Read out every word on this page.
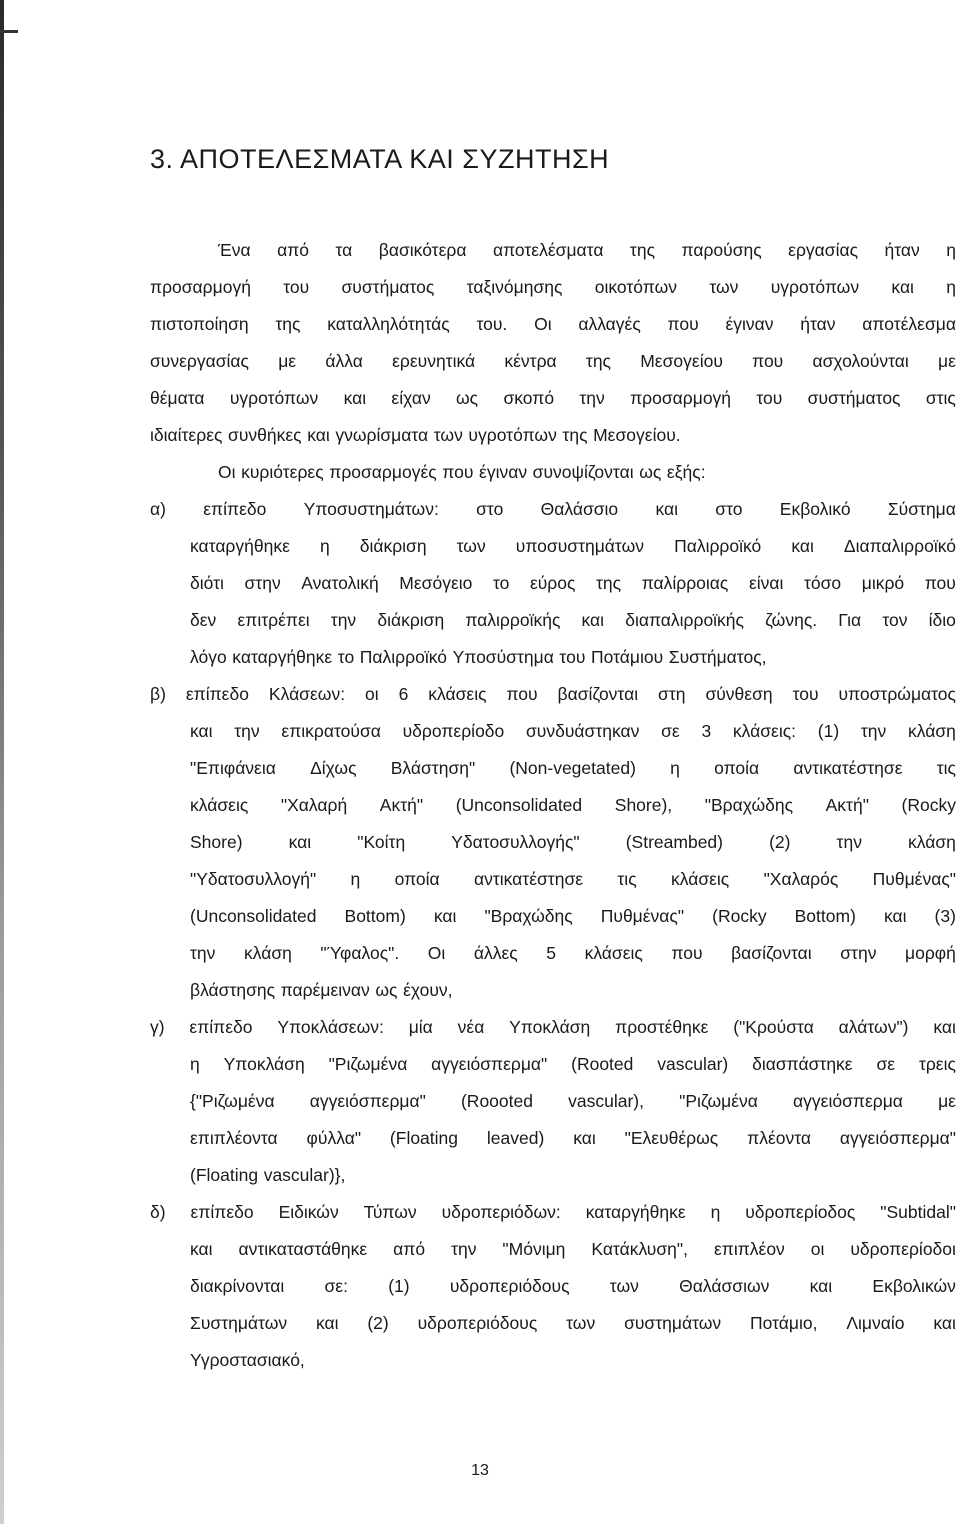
3. ΑΠΟΤΕΛΕΣΜΑΤΑ ΚΑΙ ΣΥΖΗΤΗΣΗ
Ένα από τα βασικότερα αποτελέσματα της παρούσης εργασίας ήταν η
προσαρμογή του συστήματος ταξινόμησης οικοτόπων των υγροτόπων και η
πιστοποίηση της καταλληλότητάς του. Οι αλλαγές που έγιναν ήταν αποτέλεσμα
συνεργασίας με άλλα ερευνητικά κέντρα της Μεσογείου που ασχολούνται με
θέματα υγροτόπων και είχαν ως σκοπό την προσαρμογή του συστήματος στις
ιδιαίτερες συνθήκες και γνωρίσματα των υγροτόπων της Μεσογείου.
Οι κυριότερες προσαρμογές που έγιναν συνοψίζονται ως εξής:
α) επίπεδο Υποσυστημάτων: στο Θαλάσσιο και στο Εκβολικό Σύστημα
καταργήθηκε η διάκριση των υποσυστημάτων Παλιρροϊκό και Διαπαλιρροϊκό
διότι στην Ανατολική Μεσόγειο το εύρος της παλίρροιας είναι τόσο μικρό που
δεν επιτρέπει την διάκριση παλιρροϊκής και διαπαλιρροϊκής ζώνης. Για τον ίδιο
λόγο καταργήθηκε το Παλιρροϊκό Υποσύστημα του Ποτάμιου Συστήματος,
β) επίπεδο Κλάσεων: οι 6 κλάσεις που βασίζονται στη σύνθεση του υποστρώματος
και την επικρατούσα υδροπερίοδο συνδυάστηκαν σε 3 κλάσεις: (1) την κλάση
"Επιφάνεια Δίχως Βλάστηση" (Non-vegetated) η οποία αντικατέστησε τις
κλάσεις "Χαλαρή Ακτή" (Unconsolidated Shore), "Βραχώδης Ακτή" (Rocky
Shore)	και	"Κοίτη	Υδατοσυλλογής"	(Streambed)	(2)	την	κλάση
"Υδατοσυλλογή" η οποία αντικατέστησε τις κλάσεις "Χαλαρός Πυθμένας"
(Unconsolidated Bottom) και "Βραχώδης Πυθμένας" (Rocky Bottom) και (3)
την κλάση "Ύφαλος". Οι άλλες 5 κλάσεις που βασίζονται στην μορφή
βλάστησης παρέμειναν ως έχουν,
γ) επίπεδο Υποκλάσεων: μία νέα Υποκλάση προστέθηκε ("Κρούστα αλάτων") και
η Υποκλάση "Ριζωμένα αγγειόσπερμα" (Rooted vascular) διασπάστηκε σε τρεις
{"Ριζωμένα αγγειόσπερμα" (Roooted vascular), "Ριζωμένα αγγειόσπερμα με
επιπλέοντα φύλλα" (Floating leaved) και "Ελευθέρως πλέοντα αγγειόσπερμα"
(Floating vascular)},
δ) επίπεδο Ειδικών Τύπων υδροπεριόδων: καταργήθηκε η υδροπερίοδος "Subtidal"
και αντικαταστάθηκε από την "Μόνιμη Κατάκλυση", επιπλέον οι υδροπερίοδοι
διακρίνονται σε: (1) υδροπεριόδους των Θαλάσσιων και Εκβολικών
Συστημάτων και (2) υδροπεριόδους των συστημάτων Ποτάμιο, Λιμναίο και
Υγροστασιακό,
13
